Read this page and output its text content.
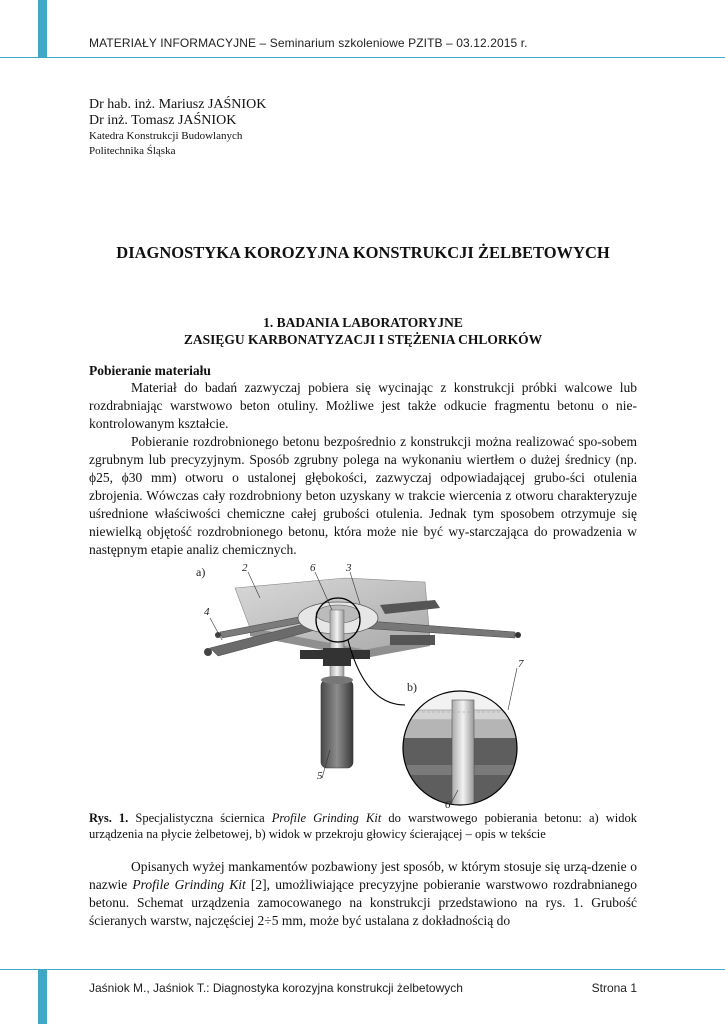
MATERIAŁY INFORMACYJNE – Seminarium szkoleniowe PZITB – 03.12.2015 r.
Dr hab. inż. Mariusz JAŚNIOK
Dr inż. Tomasz JAŚNIOK
Katedra Konstrukcji Budowlanych
Politechnika Śląska
DIAGNOSTYKA KOROZYJNA KONSTRUKCJI ŻELBETOWYCH
1. BADANIA LABORATORYJNE
ZASIĘGU KARBONATYZACJI I STĘŻENIA CHLORKÓW
Pobieranie materiału

Materiał do badań zazwyczaj pobiera się wycinając z konstrukcji próbki walcowe lub rozdrabniając warstwowo beton otuliny. Możliwe jest także odkucie fragmentu betonu o nie-kontrolowanym kształcie.

Pobieranie rozdrobnionego betonu bezpośrednio z konstrukcji można realizować spo-sobem zgrubnym lub precyzyjnym. Sposób zgrubny polega na wykonaniu wiertłem o dużej średnicy (np. ϕ25, ϕ30 mm) otworu o ustalonej głębokości, zazwyczaj odpowiadającej grubo-ści otulenia zbrojenia. Wówczas cały rozdrobniony beton uzyskany w trakcie wiercenia z otworu charakteryzuje uśrednione właściwości chemiczne całej grubości otulenia. Jednak tym sposobem otrzymuje się niewielką objętość rozdrobnionego betonu, która może nie być wy-starczająca do prowadzenia w następnym etapie analiz chemicznych.

a)
b)
2	6	3
4
7
5
6
Rys. 1. Specjalistyczna ściernica Profile Grinding Kit do warstwowego pobierania betonu: a) widok urządzenia na płycie żelbetowej, b) widok w przekroju głowicy ścierającej – opis w tekście

Opisanych wyżej mankamentów pozbawiony jest sposób, w którym stosuje się urzą-dzenie o nazwie Profile Grinding Kit [2], umożliwiające precyzyjne pobieranie warstwowo rozdrabnianego betonu. Schemat urządzenia zamocowanego na konstrukcji przedstawiono na rys. 1. Grubość ścieranych warstw, najczęściej 2÷5 mm, może być ustalana z dokładnością do

Jaśniok M., Jaśniok T.: Diagnostyka korozyjna konstrukcji żelbetowych	Strona 1
